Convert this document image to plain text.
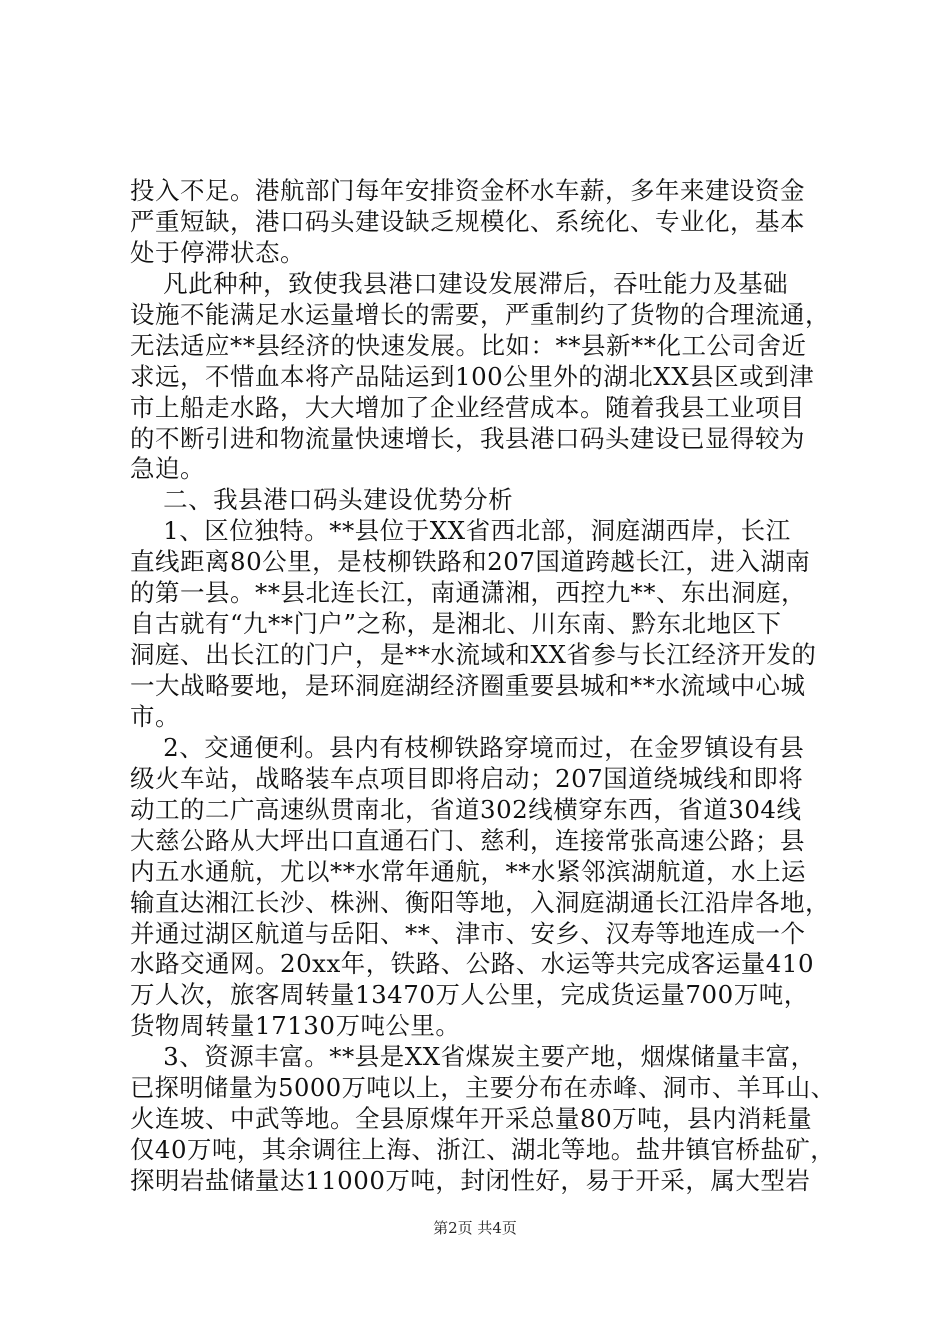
投入不足。港航部门每年安排资金杯水车薪，多年来建设资金
严重短缺，港口码头建设缺乏规模化、系统化、专业化，基本
处于停滞状态。
凡此种种，致使我县港口建设发展滞后，吞吐能力及基础
设施不能满足水运量增长的需要，严重制约了货物的合理流通，
无法适应**县经济的快速发展。比如：**县新**化工公司舍近
求远，不惜血本将产品陆运到100公里外的湖北XX县区或到津
市上船走水路，大大增加了企业经营成本。随着我县工业项目
的不断引进和物流量快速增长，我县港口码头建设已显得较为
急迫。
二、我县港口码头建设优势分析
1、区位独特。**县位于XX省西北部，洞庭湖西岸，长江
直线距离80公里，是枝柳铁路和207国道跨越长江，进入湖南
的第一县。**县北连长江，南通潇湘，西控九**、东出洞庭，
自古就有“九**门户”之称，是湘北、川东南、黔东北地区下
洞庭、出长江的门户，是**水流域和XX省参与长江经济开发的
一大战略要地，是环洞庭湖经济圈重要县城和**水流域中心城
市。
2、交通便利。县内有枝柳铁路穿境而过，在金罗镇设有县
级火车站，战略装车点项目即将启动；207国道绕城线和即将
动工的二广高速纵贯南北，省道302线横穿东西，省道304线
大慈公路从大坪出口直通石门、慈利，连接常张高速公路；县
内五水通航，尤以**水常年通航，**水紧邻滨湖航道，水上运
输直达湘江长沙、株洲、衡阳等地，入洞庭湖通长江沿岸各地，
并通过湖区航道与岳阳、**、津市、安乡、汉寿等地连成一个
水路交通网。20xx年，铁路、公路、水运等共完成客运量410
万人次，旅客周转量13470万人公里，完成货运量700万吨，
货物周转量17130万吨公里。
3、资源丰富。**县是XX省煤炭主要产地，烟煤储量丰富，
已探明储量为5000万吨以上，主要分布在赤峰、洞市、羊耳山、
火连坡、中武等地。全县原煤年开采总量80万吨，县内消耗量
仅40万吨，其余调往上海、浙江、湖北等地。盐井镇官桥盐矿，
探明岩盐储量达11000万吨，封闭性好，易于开采，属大型岩
第2页 共4页
